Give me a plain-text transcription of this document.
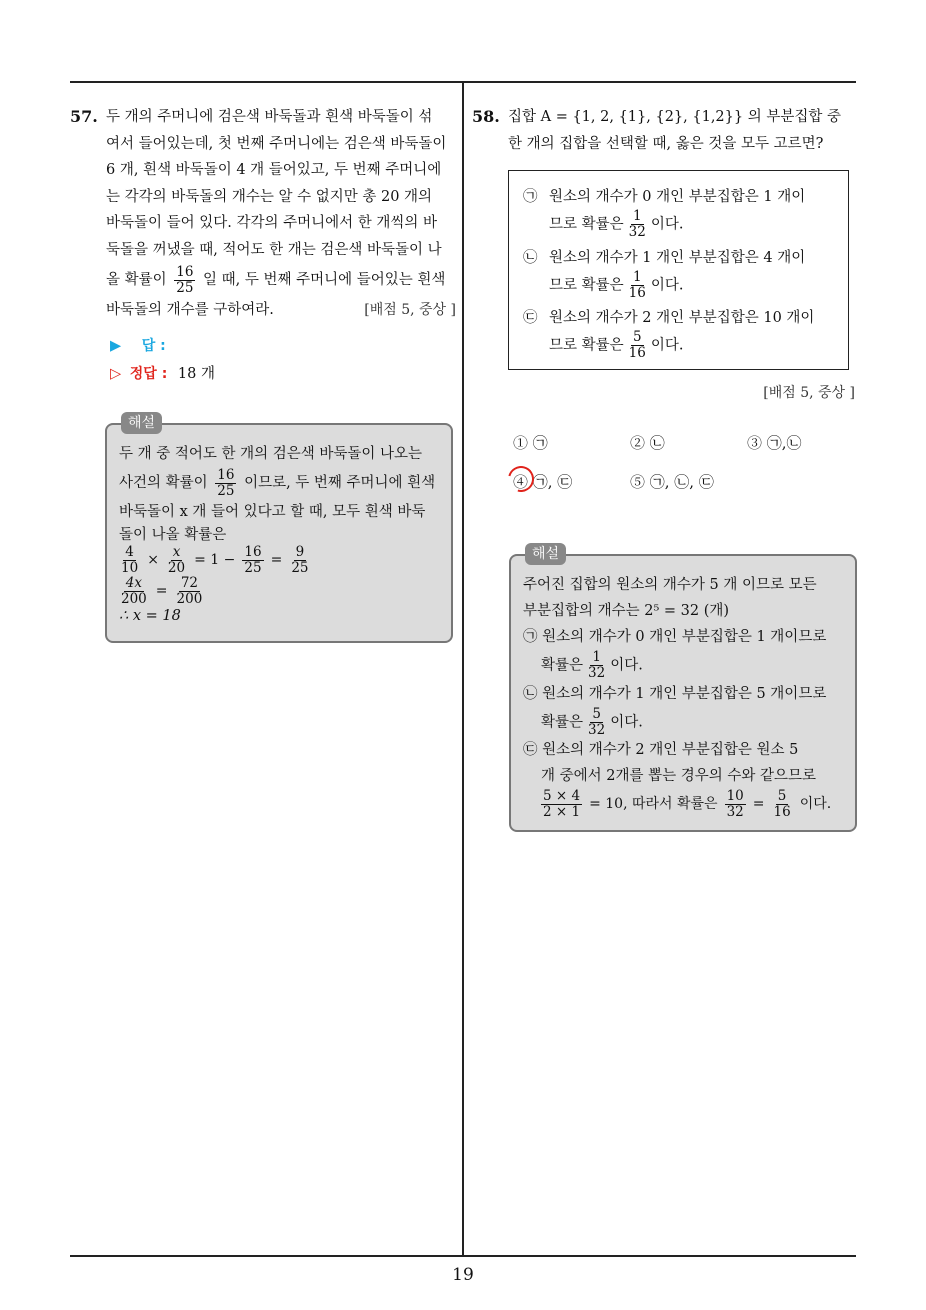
19
57. 두 개의 주머니에 검은색 바둑돌과 흰색 바둑돌이 섞
여서 들어있는데, 첫 번째 주머니에는 검은색 바둑돌이
6 개, 흰색 바둑돌이 4 개 들어있고, 두 번째 주머니에
는 각각의 바둑돌의 개수는 알 수 없지만 총 20 개의
바둑돌이 들어 있다. 각각의 주머니에서 한 개씩의 바
둑돌을 꺼냈을 때, 적어도 한 개는 검은색 바둑돌이 나
올 확률이 $\frac{16}{25}$ 일 때, 두 번째 주머니에 들어있는 흰색
바둑돌의 개수를 구하여라.	[배점 5, 중상 ]
▶ 답 :
▷ 정답 : 18 개
해설
두 개 중 적어도 한 개의 검은색 바둑돌이 나오는
사건의 확률이 $\frac{16}{25}$ 이므로, 두 번째 주머니에 흰색
바둑돌이 x 개 들어 있다고 할 때, 모두 흰색 바둑
돌이 나올 확률은
$\frac{4}{10} \times \frac{x}{20} = 1 - \frac{16}{25} = \frac{9}{25}$
$\frac{4x}{200} = \frac{72}{200}$
∴ x = 18
58. 집합 A = {1, 2, {1}, {2}, {1,2}} 의 부분집합 중
한 개의 집합을 선택할 때, 옳은 것을 모두 고르면?
㉠ 원소의 개수가 0 개인 부분집합은 1 개이
므로 확률은 $\frac{1}{32}$ 이다.
㉡ 원소의 개수가 1 개인 부분집합은 4 개이
므로 확률은 $\frac{1}{16}$ 이다.
㉢ 원소의 개수가 2 개인 부분집합은 10 개이
므로 확률은 $\frac{5}{16}$ 이다.
[배점 5, 중상 ]
① ㉠	② ㉡	③ ㉠,㉡
④ ㉠, ㉢	⑤ ㉠, ㉡, ㉢
해설
주어진 집합의 원소의 개수가 5 개 이므로 모든
부분집합의 개수는 2⁵ = 32 (개)
㉠ 원소의 개수가 0 개인 부분집합은 1 개이므로
확률은 $\frac{1}{32}$ 이다.
㉡ 원소의 개수가 1 개인 부분집합은 5 개이므로
확률은 $\frac{5}{32}$ 이다.
㉢ 원소의 개수가 2 개인 부분집합은 원소 5
개 중에서 2개를 뽑는 경우의 수와 같으므로
$\frac{5 \times 4}{2 \times 1} = 10$, 따라서 확률은 $\frac{10}{32} = \frac{5}{16}$ 이다.
